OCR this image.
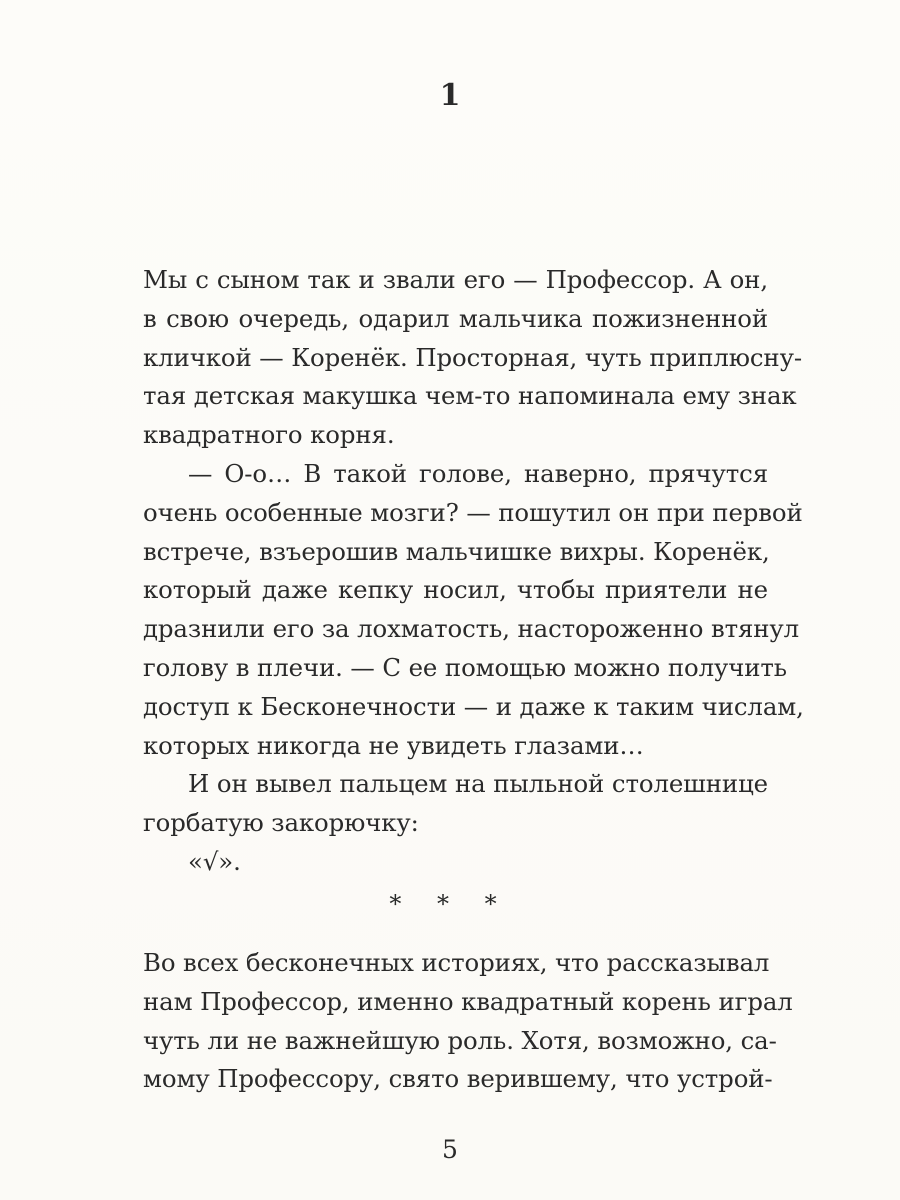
1
Мы с сыном так и звали его — Профессор. А он,
в свою очередь, одарил мальчика пожизненной
кличкой — Коренёк. Просторная, чуть приплюсну-
тая детская макушка чем-то напоминала ему знак
квадратного корня.
— О-о… В такой голове, наверно, прячутся
очень особенные мозги? — пошутил он при первой
встрече, взъерошив мальчишке вихры. Коренёк,
который даже кепку носил, чтобы приятели не
дразнили его за лохматость, настороженно втянул
голову в плечи. — С ее помощью можно получить
доступ к Бесконечности — и даже к таким числам,
которых никогда не увидеть глазами…
И он вывел пальцем на пыльной столешнице
горбатую закорючку:
«√».
* * *
Во всех бесконечных историях, что рассказывал
нам Профессор, именно квадратный корень играл
чуть ли не важнейшую роль. Хотя, возможно, са-
мому Профессору, свято верившему, что устрой-
5
